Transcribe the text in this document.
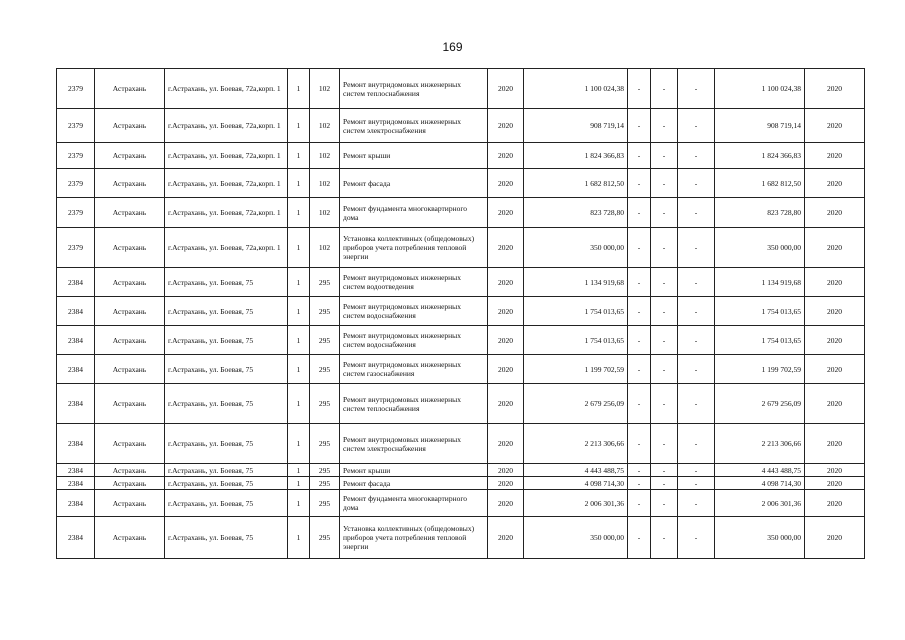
169
2379	Астрахань	г.Астрахань, ул. Боевая, 72а,корп. 1	1	102	Ремонт внутридомовых инженерных систем теплоснабжения	2020	1 100 024,38	-	-	-	1 100 024,38	2020
2379	Астрахань	г.Астрахань, ул. Боевая, 72а,корп. 1	1	102	Ремонт внутридомовых инженерных систем электроснабжения	2020	908 719,14	-	-	-	908 719,14	2020
2379	Астрахань	г.Астрахань, ул. Боевая, 72а,корп. 1	1	102	Ремонт крыши	2020	1 824 366,83	-	-	-	1 824 366,83	2020
2379	Астрахань	г.Астрахань, ул. Боевая, 72а,корп. 1	1	102	Ремонт фасада	2020	1 682 812,50	-	-	-	1 682 812,50	2020
2379	Астрахань	г.Астрахань, ул. Боевая, 72а,корп. 1	1	102	Ремонт фундамента многоквартирного дома	2020	823 728,80	-	-	-	823 728,80	2020
2379	Астрахань	г.Астрахань, ул. Боевая, 72а,корп. 1	1	102	Установка коллективных (общедомовых) приборов учета потребления тепловой энергии	2020	350 000,00	-	-	-	350 000,00	2020
2384	Астрахань	г.Астрахань, ул. Боевая, 75	1	295	Ремонт внутридомовых инженерных систем водоотведения	2020	1 134 919,68	-	-	-	1 134 919,68	2020
2384	Астрахань	г.Астрахань, ул. Боевая, 75	1	295	Ремонт внутридомовых инженерных систем водоснабжения	2020	1 754 013,65	-	-	-	1 754 013,65	2020
2384	Астрахань	г.Астрахань, ул. Боевая, 75	1	295	Ремонт внутридомовых инженерных систем водоснабжения	2020	1 754 013,65	-	-	-	1 754 013,65	2020
2384	Астрахань	г.Астрахань, ул. Боевая, 75	1	295	Ремонт внутридомовых инженерных систем газоснабжения	2020	1 199 702,59	-	-	-	1 199 702,59	2020
2384	Астрахань	г.Астрахань, ул. Боевая, 75	1	295	Ремонт внутридомовых инженерных систем теплоснабжения	2020	2 679 256,09	-	-	-	2 679 256,09	2020
2384	Астрахань	г.Астрахань, ул. Боевая, 75	1	295	Ремонт внутридомовых инженерных систем электроснабжения	2020	2 213 306,66	-	-	-	2 213 306,66	2020
2384	Астрахань	г.Астрахань, ул. Боевая, 75	1	295	Ремонт крыши	2020	4 443 488,75	-	-	-	4 443 488,75	2020
2384	Астрахань	г.Астрахань, ул. Боевая, 75	1	295	Ремонт фасада	2020	4 098 714,30	-	-	-	4 098 714,30	2020
2384	Астрахань	г.Астрахань, ул. Боевая, 75	1	295	Ремонт фундамента многоквартирного дома	2020	2 006 301,36	-	-	-	2 006 301,36	2020
2384	Астрахань	г.Астрахань, ул. Боевая, 75	1	295	Установка коллективных (общедомовых) приборов учета потребления тепловой энергии	2020	350 000,00	-	-	-	350 000,00	2020
